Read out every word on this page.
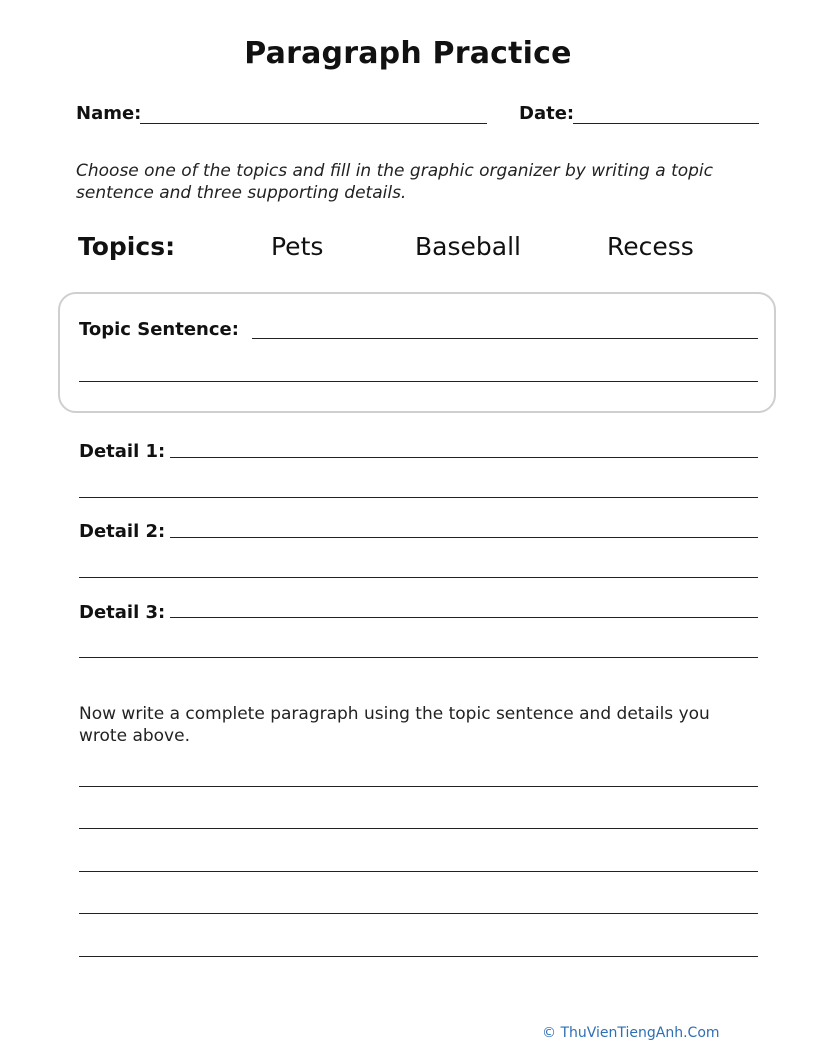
Paragraph Practice
Name:	Date:
Choose one of the topics and fill in the graphic organizer by writing a topic sentence and three supporting details.
Topics:	Pets	Baseball	Recess
Topic Sentence:
Detail 1:
Detail 2:
Detail 3:
Now write a complete paragraph using the topic sentence and details you wrote above.
© ThuVienTiengAnh.Com
